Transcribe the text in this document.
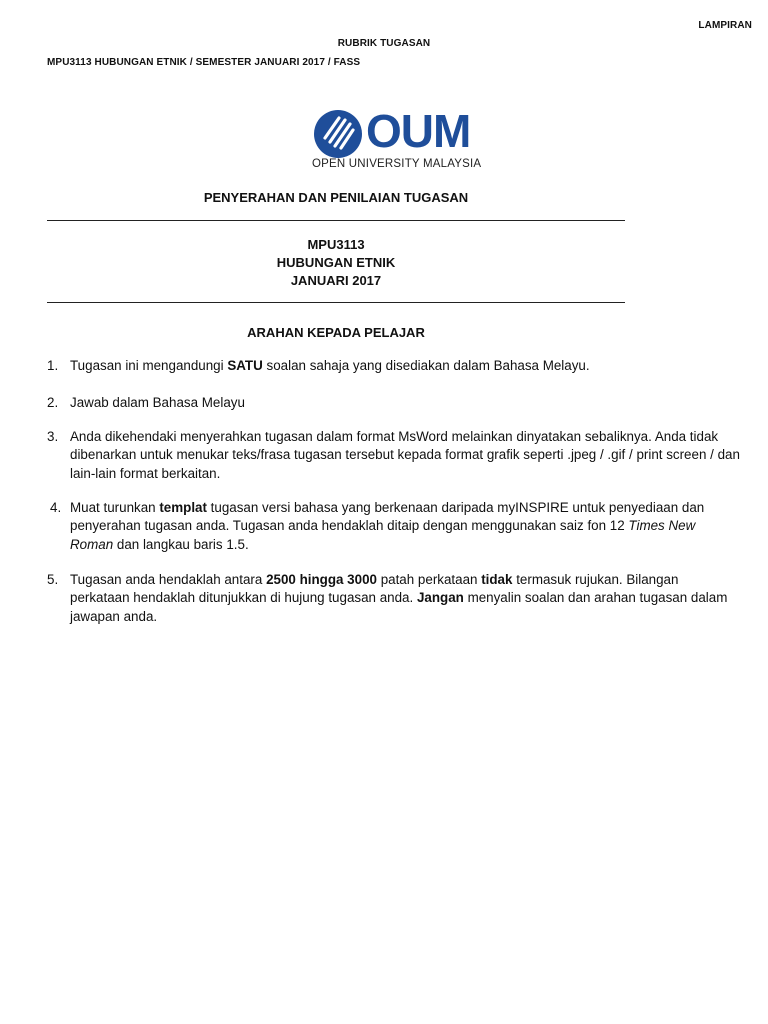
LAMPIRAN
RUBRIK TUGASAN
MPU3113 HUBUNGAN ETNIK / SEMESTER JANUARI 2017 / FASS
OUM
OPEN UNIVERSITY MALAYSIA
PENYERAHAN DAN PENILAIAN TUGASAN
MPU3113
HUBUNGAN ETNIK
JANUARI 2017
ARAHAN KEPADA PELAJAR
1. Tugasan ini mengandungi SATU soalan sahaja yang disediakan dalam Bahasa Melayu.
2. Jawab dalam Bahasa Melayu
3. Anda dikehendaki menyerahkan tugasan dalam format MsWord melainkan dinyatakan sebaliknya. Anda tidak dibenarkan untuk menukar teks/frasa tugasan tersebut kepada format grafik seperti .jpeg / .gif / print screen / dan lain-lain format berkaitan.
4. Muat turunkan templat tugasan versi bahasa yang berkenaan daripada myINSPIRE untuk penyediaan dan penyerahan tugasan anda. Tugasan anda hendaklah ditaip dengan menggunakan saiz fon 12 Times New Roman dan langkau baris 1.5.
5. Tugasan anda hendaklah antara 2500 hingga 3000 patah perkataan tidak termasuk rujukan. Bilangan perkataan hendaklah ditunjukkan di hujung tugasan anda. Jangan menyalin soalan dan arahan tugasan dalam jawapan anda.
